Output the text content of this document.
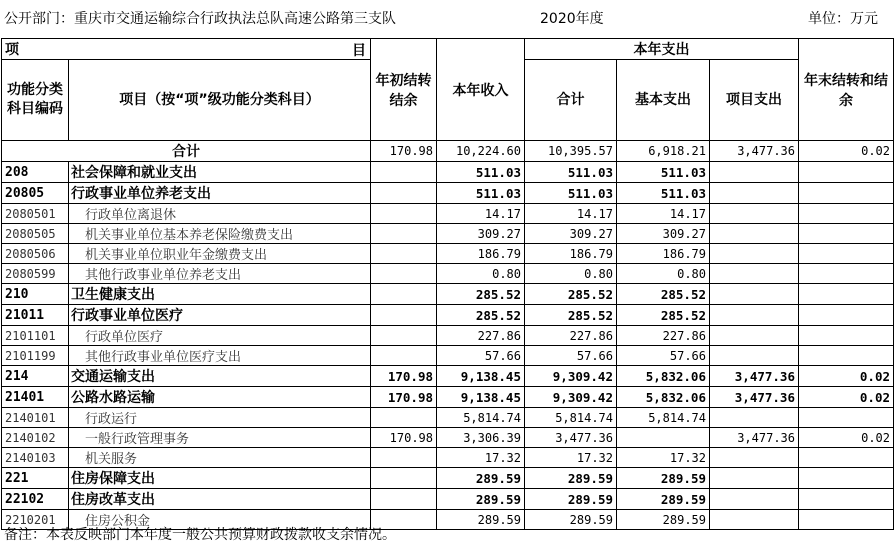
公开部门：重庆市交通运输综合行政执法总队高速公路第三支队	2020年度	单位：万元
项 目		年初结转结余	本年收入	本年支出			年末结转和结余
功能分类科目编码	项目（按“项”级功能分类科目）			合计	基本支出	项目支出	
合计		170.98	10,224.60	10,395.57	6,918.21	3,477.36	0.02
208	社会保障和就业支出		511.03	511.03	511.03		
20805	行政事业单位养老支出		511.03	511.03	511.03		
2080501	行政单位离退休		14.17	14.17	14.17		
2080505	机关事业单位基本养老保险缴费支出		309.27	309.27	309.27		
2080506	机关事业单位职业年金缴费支出		186.79	186.79	186.79		
2080599	其他行政事业单位养老支出		0.80	0.80	0.80		
210	卫生健康支出		285.52	285.52	285.52		
21011	行政事业单位医疗		285.52	285.52	285.52		
2101101	行政单位医疗		227.86	227.86	227.86		
2101199	其他行政事业单位医疗支出		57.66	57.66	57.66		
214	交通运输支出	170.98	9,138.45	9,309.42	5,832.06	3,477.36	0.02
21401	公路水路运输	170.98	9,138.45	9,309.42	5,832.06	3,477.36	0.02
2140101	行政运行		5,814.74	5,814.74	5,814.74		
2140102	一般行政管理事务	170.98	3,306.39	3,477.36		3,477.36	0.02
2140103	机关服务		17.32	17.32	17.32		
221	住房保障支出		289.59	289.59	289.59		
22102	住房改革支出		289.59	289.59	289.59		
2210201	住房公积金		289.59	289.59	289.59		
备注：本表反映部门本年度一般公共预算财政拨款收支余情况。
